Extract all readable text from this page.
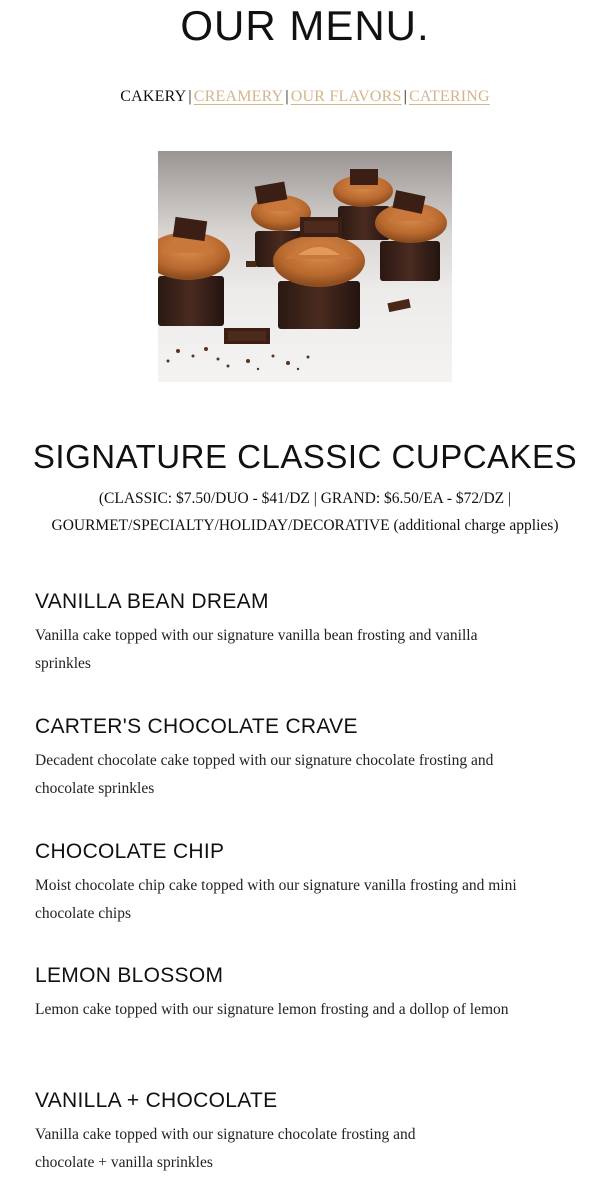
OUR MENU.
CAKERY | CREAMERY | OUR FLAVORS | CATERING
SIGNATURE CLASSIC CUPCAKES
(CLASSIC: $7.50/DUO - $41/DZ | GRAND: $6.50/EA - $72/DZ |
GOURMET/SPECIALTY/HOLIDAY/DECORATIVE (additional charge applies)
VANILLA BEAN DREAM

Vanilla cake topped with our signature vanilla bean frosting and vanilla sprinkles

CARTER'S CHOCOLATE CRAVE

Decadent chocolate cake topped with our signature chocolate frosting and chocolate sprinkles

CHOCOLATE CHIP

Moist chocolate chip cake topped with our signature vanilla frosting and mini chocolate chips

LEMON BLOSSOM

Lemon cake topped with our signature lemon frosting and a dollop of lemon

VANILLA + CHOCOLATE

Vanilla cake topped with our signature chocolate frosting and chocolate + vanilla sprinkles
